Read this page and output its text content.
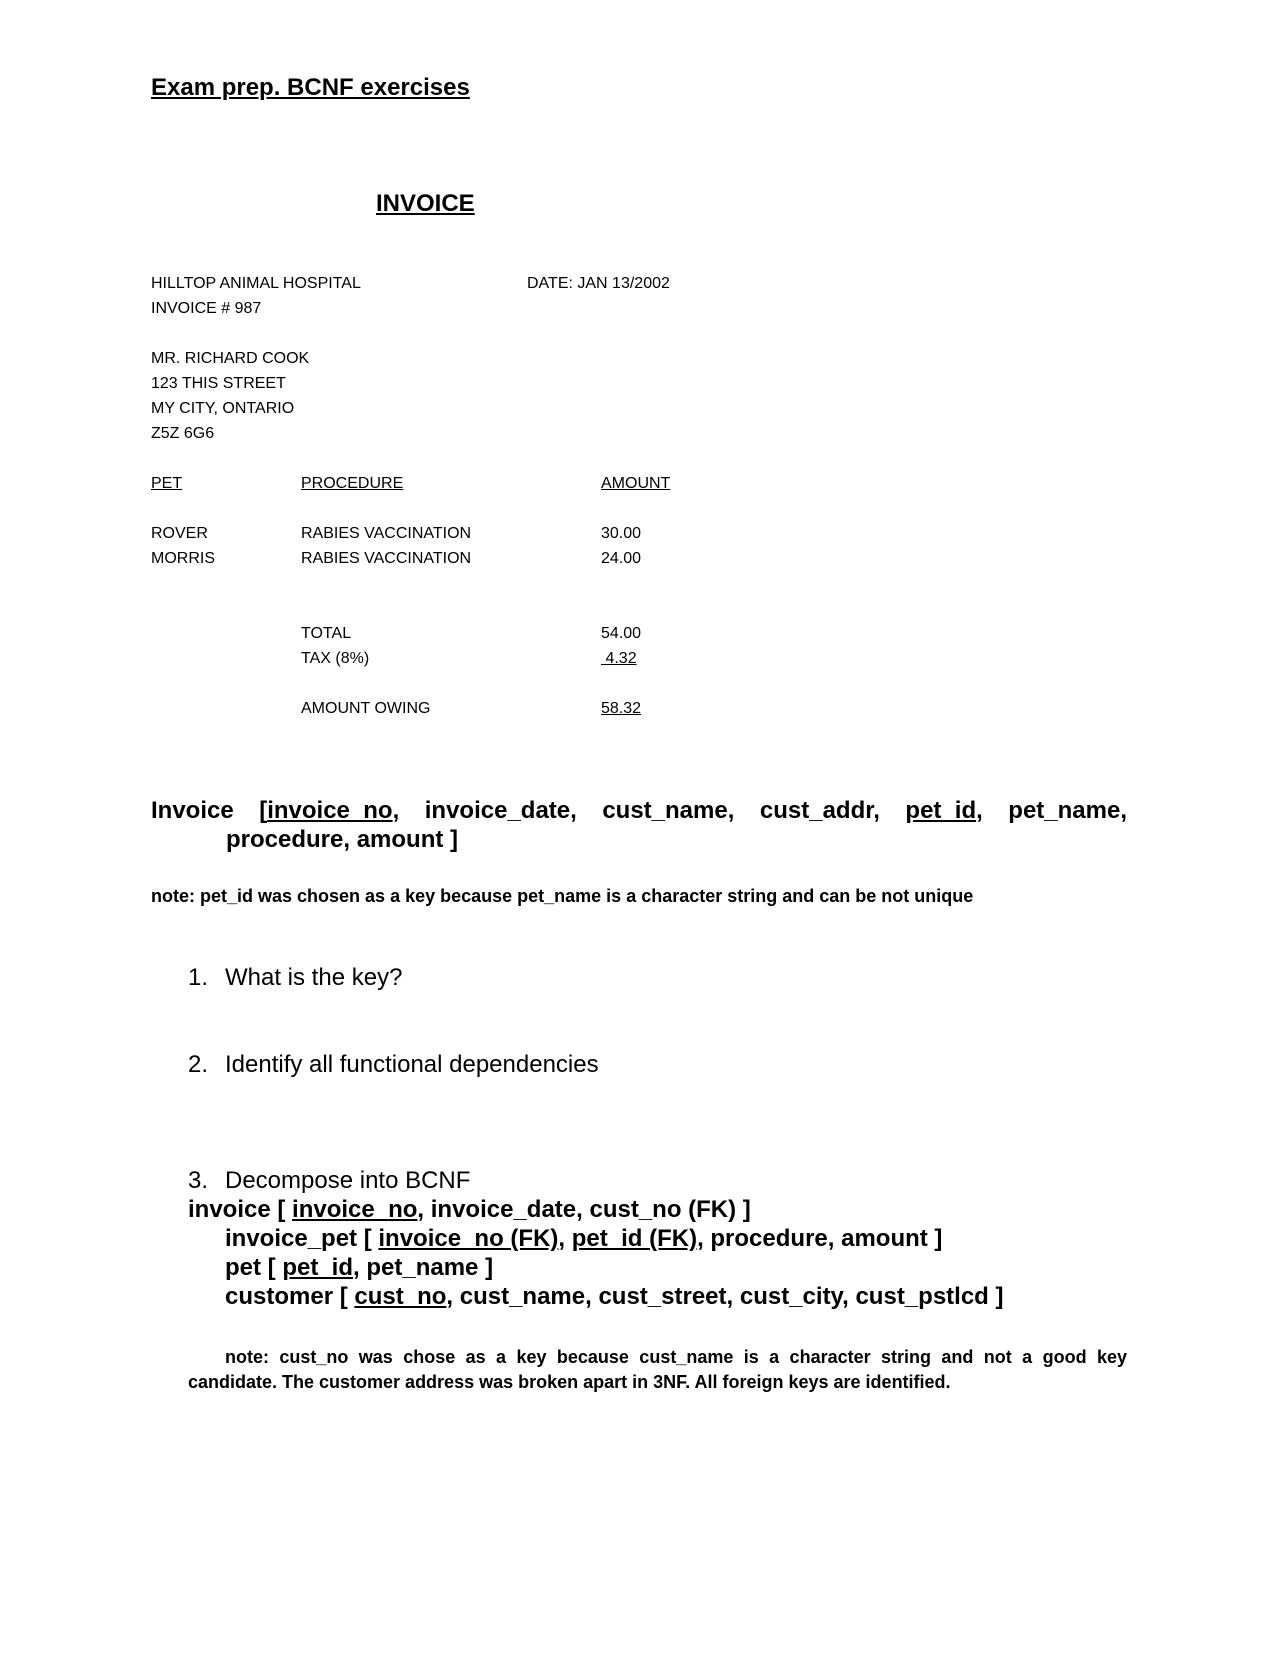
Exam prep. BCNF exercises
INVOICE
HILLTOP ANIMAL HOSPITAL	DATE: JAN 13/2002
INVOICE # 987
MR. RICHARD COOK
123 THIS STREET
MY CITY, ONTARIO
Z5Z 6G6
PET	PROCEDURE	AMOUNT
ROVER	RABIES VACCINATION	30.00
MORRIS	RABIES VACCINATION	24.00
TOTAL	54.00
TAX (8%)	4.32
AMOUNT OWING	58.32
Invoice [invoice_no, invoice_date, cust_name, cust_addr, pet_id, pet_name,
procedure, amount ]
note: pet_id was chosen as a key because pet_name is a character string and can be not unique
1. What is the key?
2. Identify all functional dependencies
3. Decompose into BCNF
invoice [ invoice_no, invoice_date, cust_no (FK) ]
invoice_pet [ invoice_no (FK), pet_id (FK), procedure, amount ]
pet [ pet_id, pet_name ]
customer [ cust_no, cust_name, cust_street, cust_city, cust_pstlcd ]
note: cust_no was chose as a key because cust_name is a character string and not a good key candidate. The customer address was broken apart in 3NF. All foreign keys are identified.
